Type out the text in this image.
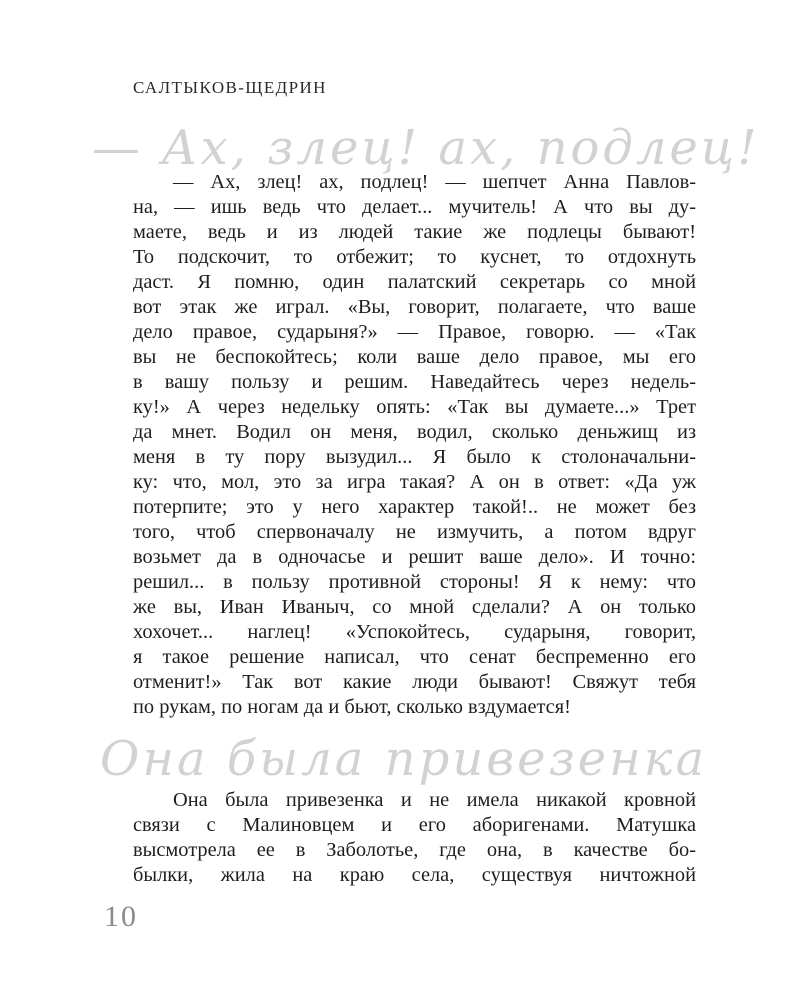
САЛТЫКОВ-ЩЕДРИН
— Ах, злец! ах, подлец!
— Ах, злец! ах, подлец! — шепчет Анна Павлов-
на, — ишь ведь что делает... мучитель! А что вы ду-
маете, ведь и из людей такие же подлецы бывают!
То подскочит, то отбежит; то куснет, то отдохнуть
даст. Я помню, один палатский секретарь со мной
вот этак же играл. «Вы, говорит, полагаете, что ваше
дело правое, сударыня?» — Правое, говорю. — «Так
вы не беспокойтесь; коли ваше дело правое, мы его
в вашу пользу и решим. Наведайтесь через недель-
ку!» А через недельку опять: «Так вы думаете...» Трет
да мнет. Водил он меня, водил, сколько деньжищ из
меня в ту пору вызудил... Я было к столоначальни-
ку: что, мол, это за игра такая? А он в ответ: «Да уж
потерпите; это у него характер такой!.. не может без
того, чтоб спервоначалу не измучить, а потом вдруг
возьмет да в одночасье и решит ваше дело». И точно:
решил... в пользу противной стороны! Я к нему: что
же вы, Иван Иваныч, со мной сделали? А он только
хохочет... наглец! «Успокойтесь, сударыня, говорит,
я такое решение написал, что сенат беспременно его
отменит!» Так вот какие люди бывают! Свяжут тебя
по рукам, по ногам да и бьют, сколько вздумается!
Она была привезенка
Она была привезенка и не имела никакой кровной
связи с Малиновцем и его аборигенами. Матушка
высмотрела ее в Заболотье, где она, в качестве бо-
былки, жила на краю села, существуя ничтожной
10
